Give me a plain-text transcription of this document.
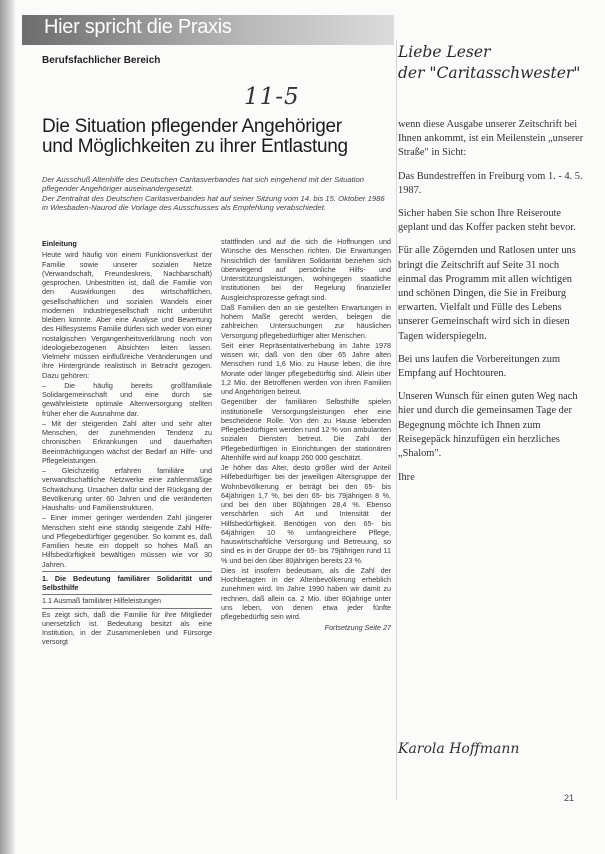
Hier spricht die Praxis
Berufsfachlicher Bereich
11-5
Die Situation pflegender Angehöriger
und Möglichkeiten zu ihrer Entlastung

Der Ausschuß Altenhilfe des Deutschen Caritasverbandes hat sich eingehend mit der Situation pflegender Angehöriger auseinandergesetzt.

Der Zentralrat des Deutschen Caritasverbandes hat auf seiner Sitzung vom 14. bis 15. Oktober 1986 in Wiesbaden-Naurod die Vorlage des Ausschusses als Empfehlung verabschiedet.

Einleitung

Heute wird häufig von einem Funktionsverlust der Familie sowie unserer sozialen Netze (Verwandschaft, Freundeskreis, Nachbarschaft) gesprochen. Unbestritten ist, daß die Familie von den Auswirkungen des wirtschaftlichen, gesellschaftlichen und sozialen Wandels einer modernen Industriegesellschaft nicht unberührt bleiben konnte. Aber eine Analyse und Bewertung des Hilfesystems Familie dürfen sich weder von einer nostalgischen Vergangenheitsverklärung noch von ideologiebezogenen Absichten leiten lassen. Vielmehr müssen einflußreiche Veränderungen und ihre Hintergründe realistisch in Betracht gezogen. Dazu gehören:

– Die häufig bereits großfamiliale Solidargemeinschaft und eine durch sie gewährleistete optimale Altenversorgung stellten früher eher die Ausnahme dar.

– Mit der steigenden Zahl alter und sehr alter Menschen, der zunehmenden Tendenz zu chronischen Erkrankungen und dauerhaften Beeinträchtigungen wächst der Bedarf an Hilfe- und Pflegeleistungen.

– Gleichzeitig erfahren familiäre und verwandtschaftliche Netzwerke eine zahlenmäßige Schwächung. Ursachen dafür sind der Rückgang der Bevölkerung unter 60 Jahren und die veränderten Haushalts- und Familienstrukturen.

– Einer immer geringer werdenden Zahl jüngerer Menschen steht eine ständig steigende Zahl Hilfe- und Pflegebedürftiger gegenüber. So kommt es, daß Familien heute ein doppelt so hohes Maß an Hilfsbedürftigkeit bewältigen müssen wie vor 30 Jahren.

1. Die Bedeutung familiärer Solidarität und Selbsthilfe

1.1 Ausmaß familiärer Hilfeleistungen

Es zeigt sich, daß die Familie für ihre Mitglieder unersetzlich ist. Bedeutung besitzt als eine Institution, in der Zusammenleben und Fürsorge versorgt

stattfinden und auf die sich die Hoffnungen und Wünsche des Menschen richten. Die Erwartungen hinsichtlich der familiären Solidarität beziehen sich überwiegend auf persönliche Hilfs- und Unterstützungsleistungen, wohingegen staatliche Institutionen bei der Regelung finanzieller Ausgleichsprozesse gefragt sind.

Daß Familien den an sie gestellten Erwartungen in hohem Maße gerecht werden, belegen die zahlreichen Untersuchungen zur häuslichen Versorgung pflegebedürftiger alter Menschen.

Seit einer Repräsentativerhebung im Jahre 1978 wissen wir, daß von den über 65 Jahre alten Menschen rund 1,6 Mio. zu Hause leben, die ihre Monate oder länger pflegebedürftig sind. Allein über 1,2 Mio. der Betroffenen werden von ihren Familien und Angehörigen betreut.

Gegenüber der familiären Selbsthilfe spielen institutionelle Versorgungsleistungen eher eine bescheidene Rolle. Von den zu Hause lebenden Pflegebedürftigen werden rund 12 % von ambulanten sozialen Diensten betreut. Die Zahl der Pflegebedürftigen in Einrichtungen der stationären Altenhilfe wird auf knapp 260 000 geschätzt.

Je höher das Alter, desto größer wird der Anteil Hilfebedürftiger: bei der jeweiligen Altersgruppe der Wohnbevölkerung er beträgt bei den 65- bis 64jährigen 1,7 %, bei den 65- bis 79jährigen 8 %, und bei den über 80jährigen 28,4 %. Ebenso verschärfen sich Art und Intensität der Hilfsbedürftigkeit. Benötigen von den 65- bis 64jährigen 10 % umfangreichere Pflege, hauswirtschaftliche Versorgung und Betreuung, so sind es in der Gruppe der 65- bis 79jährigen rund 11 % und bei den über 80jährigen bereits 23 %.

Dies ist insofern bedeutsam, als die Zahl der Hochbetagten in der Altenbevölkerung erheblich zunehmen wird. Im Jahre 1990 haben wir damit zu rechnen, daß allein ca. 2 Mio. über 80jährige unter uns leben, von denen etwa jeder fünfte pflegebedürftig sein wird.

Fortsetzung Seite 27

Liebe Leser
der "Caritasschwester"

wenn diese Ausgabe unserer Zeitschrift bei Ihnen ankommt, ist ein Meilenstein „unserer Straße" in Sicht:

Das Bundestreffen in Freiburg vom 1. - 4. 5. 1987.

Sicher haben Sie schon Ihre Reiseroute geplant und das Koffer packen steht bevor.

Für alle Zögernden und Ratlosen unter uns bringt die Zeitschrift auf Seite 31 noch einmal das Programm mit allen wichtigen und schönen Dingen, die Sie in Freiburg erwarten. Vielfalt und Fülle des Lebens unserer Gemeinschaft wird sich in diesen Tagen widerspiegeln.

Bei uns laufen die Vorbereitungen zum Empfang auf Hochtouren.

Unseren Wunsch für einen guten Weg nach hier und durch die gemeinsamen Tage der Begegnung möchte ich Ihnen zum Reisegepäck hinzufügen ein herzliches „Shalom".

Ihre

Karola Hoffmann
21
